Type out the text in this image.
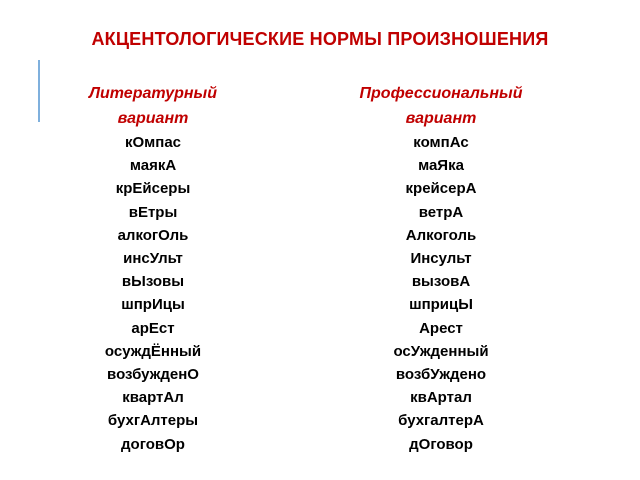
АКЦЕНТОЛОГИЧЕСКИЕ НОРМЫ ПРОИЗНОШЕНИЯ
Литературный
вариант
кОмпас
маякА
крЕйсеры
вЕтры
алкогОль
инсУльт
вЫзовы
шпрИцы
арЕст
осуждЁнный
возбужденО
квартАл
бухгАлтеры
договОр
Профессиональный
вариант
компАс
маЯка
крейсерА
ветрА
Алкоголь
Инсульт
вызовА
шприцЫ
Арест
осУжденный
возбУждено
квАртал
бухгалтерА
дОговор
